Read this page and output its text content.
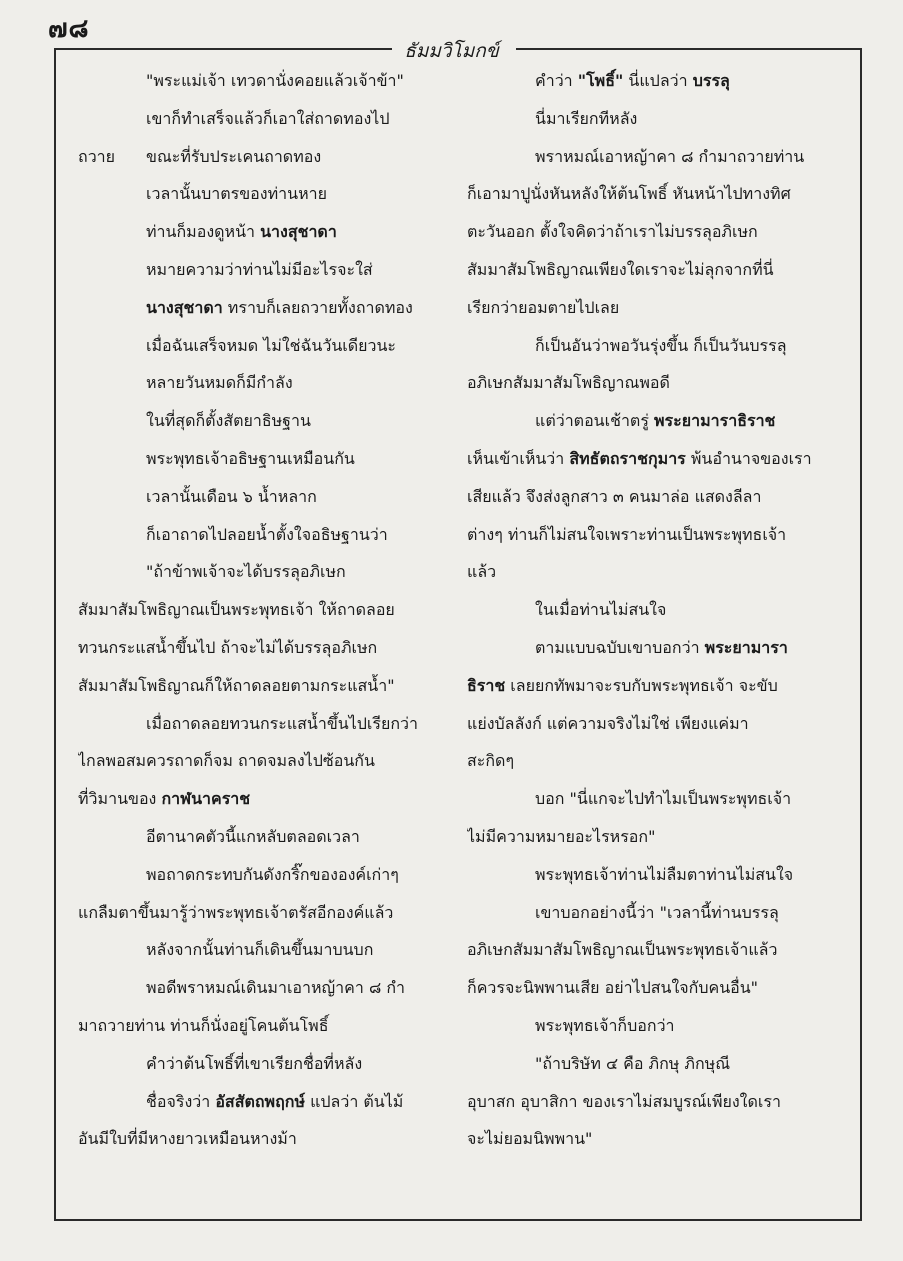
๗๘
ธัมมวิโมกข์
"พระแม่เจ้า เทวดานั่งคอยแล้วเจ้าข้า"
เขาก็ทำเสร็จแล้วก็เอาใส่ถาดทองไป
ถวาย ขณะที่รับประเคนถาดทอง
เวลานั้นบาตรของท่านหาย
ท่านก็มองดูหน้า นางสุชาดา
หมายความว่าท่านไม่มีอะไรจะใส่
นางสุชาดา ทราบก็เลยถวายทั้งถาดทอง
เมื่อฉันเสร็จหมด ไม่ใช่ฉันวันเดียวนะ
หลายวันหมดก็มีกำลัง
ในที่สุดก็ตั้งสัตยาธิษฐาน
พระพุทธเจ้าอธิษฐานเหมือนกัน
เวลานั้นเดือน ๖ น้ำหลาก
ก็เอาถาดไปลอยน้ำตั้งใจอธิษฐานว่า
"ถ้าข้าพเจ้าจะได้บรรลุอภิเษก
สัมมาสัมโพธิญาณเป็นพระพุทธเจ้า ให้ถาดลอย
ทวนกระแสน้ำขึ้นไป ถ้าจะไม่ได้บรรลุอภิเษก
สัมมาสัมโพธิญาณก็ให้ถาดลอยตามกระแสน้ำ"
เมื่อถาดลอยทวนกระแสน้ำขึ้นไปเรียกว่า
ไกลพอสมควรถาดก็จม ถาดจมลงไปซ้อนกัน
ที่วิมานของ กาฬนาคราช
อีตานาคตัวนี้แกหลับตลอดเวลา
พอถาดกระทบกันดังกริ๊กขององค์เก่าๆ
แกลืมตาขึ้นมารู้ว่าพระพุทธเจ้าตรัสอีกองค์แล้ว
หลังจากนั้นท่านก็เดินขึ้นมาบนบก
พอดีพราหมณ์เดินมาเอาหญ้าคา ๘ กำ
มาถวายท่าน ท่านก็นั่งอยู่โคนต้นโพธิ์
คำว่าต้นโพธิ์ที่เขาเรียกชื่อที่หลัง
ชื่อจริงว่า อัสสัตถพฤกษ์ แปลว่า ต้นไม้
อันมีใบที่มีหางยาวเหมือนหางม้า
คำว่า "โพธิ์" นี่แปลว่า บรรลุ
นี่มาเรียกทีหลัง
พราหมณ์เอาหญ้าคา ๘ กำมาถวายท่าน
ก็เอามาปูนั่งหันหลังให้ต้นโพธิ์ หันหน้าไปทางทิศ
ตะวันออก ตั้งใจคิดว่าถ้าเราไม่บรรลุอภิเษก
สัมมาสัมโพธิญาณเพียงใดเราจะไม่ลุกจากที่นี่
เรียกว่ายอมตายไปเลย
ก็เป็นอันว่าพอวันรุ่งขึ้น ก็เป็นวันบรรลุ
อภิเษกสัมมาสัมโพธิญาณพอดี
แต่ว่าตอนเช้าตรู่ พระยามาราธิราช
เห็นเข้าเห็นว่า สิทธัตถราชกุมาร พ้นอำนาจของเรา
เสียแล้ว จึงส่งลูกสาว ๓ คนมาล่อ แสดงลีลา
ต่างๆ ท่านก็ไม่สนใจเพราะท่านเป็นพระพุทธเจ้า
แล้ว
ในเมื่อท่านไม่สนใจ
ตามแบบฉบับเขาบอกว่า พระยามารา
ธิราช เลยยกทัพมาจะรบกับพระพุทธเจ้า จะขับ
แย่งบัลลังก์ แต่ความจริงไม่ใช่ เพียงแค่มา
สะกิดๆ
บอก "นี่แกจะไปทำไมเป็นพระพุทธเจ้า
ไม่มีความหมายอะไรหรอก"
พระพุทธเจ้าท่านไม่ลืมตาท่านไม่สนใจ
เขาบอกอย่างนี้ว่า "เวลานี้ท่านบรรลุ
อภิเษกสัมมาสัมโพธิญาณเป็นพระพุทธเจ้าแล้ว
ก็ควรจะนิพพานเสีย อย่าไปสนใจกับคนอื่น"
พระพุทธเจ้าก็บอกว่า
"ถ้าบริษัท ๔ คือ ภิกษุ ภิกษุณี
อุบาสก อุบาสิกา ของเราไม่สมบูรณ์เพียงใดเรา
จะไม่ยอมนิพพาน"
